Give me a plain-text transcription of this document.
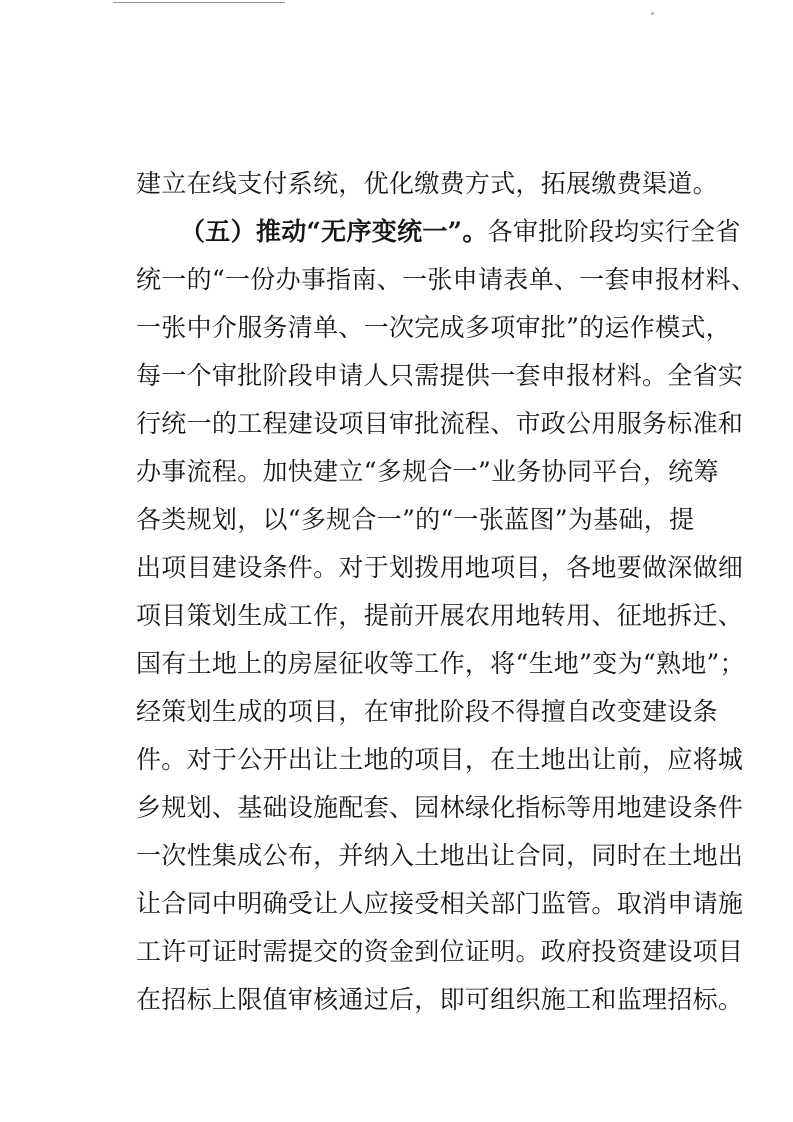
建立在线支付系统，优化缴费方式，拓展缴费渠道。
（五）推动“无序变统一”。各审批阶段均实行全省
统一的“一份办事指南、一张申请表单、一套申报材料、
一张中介服务清单、一次完成多项审批”的运作模式，
每一个审批阶段申请人只需提供一套申报材料。全省实
行统一的工程建设项目审批流程、市政公用服务标准和
办事流程。加快建立“多规合一”业务协同平台，统筹
各类规划，以“多规合一”的“一张蓝图”为基础，提
出项目建设条件。对于划拨用地项目，各地要做深做细
项目策划生成工作，提前开展农用地转用、征地拆迁、
国有土地上的房屋征收等工作，将“生地”变为“熟地”；
经策划生成的项目，在审批阶段不得擅自改变建设条
件。对于公开出让土地的项目，在土地出让前，应将城
乡规划、基础设施配套、园林绿化指标等用地建设条件
一次性集成公布，并纳入土地出让合同，同时在土地出
让合同中明确受让人应接受相关部门监管。取消申请施
工许可证时需提交的资金到位证明。政府投资建设项目
在招标上限值审核通过后，即可组织施工和监理招标。
